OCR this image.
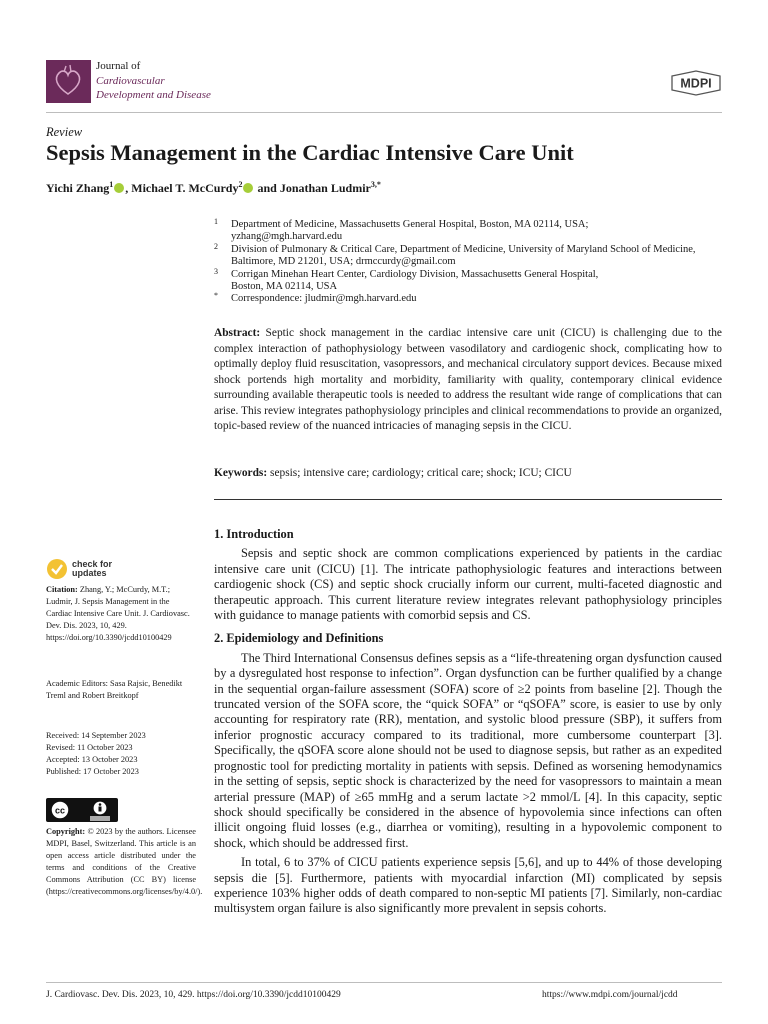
Journal of
Cardiovascular
Development and Disease
MDPI
Review
Sepsis Management in the Cardiac Intensive Care Unit
Yichi Zhang$^1$ , Michael T. McCurdy$^2$ and Jonathan Ludmir$^{3,*}$
1 Department of Medicine, Massachusetts General Hospital, Boston, MA 02114, USA;
yzhang@mgh.harvard.edu
2 Division of Pulmonary & Critical Care, Department of Medicine, University of Maryland School of Medicine,
Baltimore, MD 21201, USA; drmccurdy@gmail.com
3 Corrigan Minehan Heart Center, Cardiology Division, Massachusetts General Hospital,
Boston, MA 02114, USA
* Correspondence: jludmir@mgh.harvard.edu
Abstract: Septic shock management in the cardiac intensive care unit (CICU) is challenging due to the complex interaction of pathophysiology between vasodilatory and cardiogenic shock, complicating how to optimally deploy fluid resuscitation, vasopressors, and mechanical circulatory support devices. Because mixed shock portends high mortality and morbidity, familiarity with quality, contemporary clinical evidence surrounding available therapeutic tools is needed to address the resultant wide range of complications that can arise. This review integrates pathophysiology principles and clinical recommendations to provide an organized, topic-based review of the nuanced intricacies of managing sepsis in the CICU.
Keywords: sepsis; intensive care; cardiology; critical care; shock; ICU; CICU
1. Introduction

Sepsis and septic shock are common complications experienced by patients in the cardiac intensive care unit (CICU) [1]. The intricate pathophysiologic features and interactions between cardiogenic shock (CS) and septic shock crucially inform our current, multi-faceted diagnostic and therapeutic approach. This current literature review integrates relevant pathophysiology principles with guidance to manage patients with comorbid sepsis and CS.

2. Epidemiology and Definitions

The Third International Consensus defines sepsis as a “life-threatening organ dysfunction caused by a dysregulated host response to infection”. Organ dysfunction can be further qualified by a change in the sequential organ-failure assessment (SOFA) score of ≥2 points from baseline [2]. Though the truncated version of the SOFA score, the “quick SOFA” or “qSOFA” score, is easier to use by only accounting for respiratory rate (RR), mentation, and systolic blood pressure (SBP), it suffers from inferior prognostic accuracy compared to its traditional, more cumbersome counterpart [3]. Specifically, the qSOFA score alone should not be used to diagnose sepsis, but rather as an expedited prognostic tool for predicting mortality in patients with sepsis. Defined as worsening hemodynamics in the setting of sepsis, septic shock is characterized by the need for vasopressors to maintain a mean arterial pressure (MAP) of ≥65 mmHg and a serum lactate >2 mmol/L [4]. In this capacity, septic shock should specifically be considered in the absence of hypovolemia since infections can often illicit ongoing fluid losses (e.g., diarrhea or vomiting), resulting in a hypovolemic component to shock, which should be addressed first.

In total, 6 to 37% of CICU patients experience sepsis [5,6], and up to 44% of those developing sepsis die [5]. Furthermore, patients with myocardial infarction (MI) complicated by sepsis experience 103% higher odds of death compared to non-septic MI patients [7]. Similarly, non-cardiac multisystem organ failure is also significantly more prevalent in sepsis cohorts.

check for
updates
Citation: Zhang, Y.; McCurdy, M.T.; Ludmir, J. Sepsis Management in the Cardiac Intensive Care Unit. J. Cardiovasc. Dev. Dis. 2023, 10, 429. https://doi.org/10.3390/jcdd10100429
Academic Editors: Sasa Rajsic, Benedikt Treml and Robert Breitkopf
Received: 14 September 2023
Revised: 11 October 2023
Accepted: 13 October 2023
Published: 17 October 2023
cc
Copyright: © 2023 by the authors. Licensee MDPI, Basel, Switzerland. This article is an open access article distributed under the terms and conditions of the Creative Commons Attribution (CC BY) license (https://creativecommons.org/licenses/by/4.0/).
J. Cardiovasc. Dev. Dis. 2023, 10, 429. https://doi.org/10.3390/jcdd10100429	https://www.mdpi.com/journal/jcdd
